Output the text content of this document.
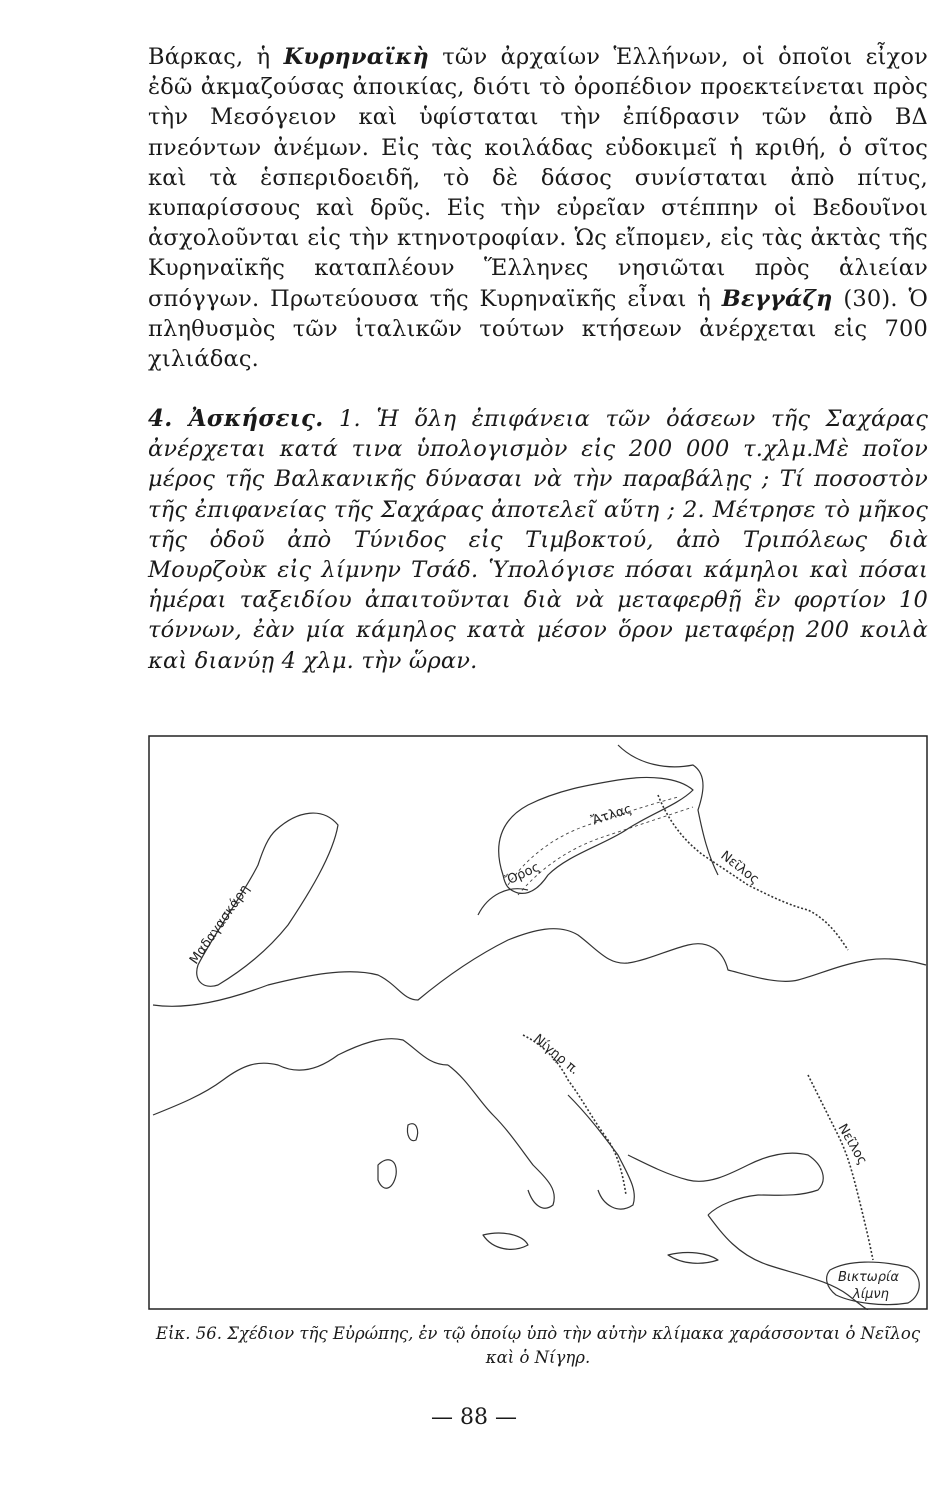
Βάρκας, ἡ Κυρηναϊκὴ τῶν ἀρχαίων Ἑλλήνων, οἱ ὁποῖοι εἶχον ἐδῶ ἀκμαζούσας ἀποικίας, διότι τὸ ὀροπέδιον προεκτείνεται πρὸς τὴν Μεσόγειον καὶ ὑφίσταται τὴν ἐπίδρασιν τῶν ἀπὸ ΒΔ πνεόντων ἀνέμων. Εἰς τὰς κοιλάδας εὐδοκιμεῖ ἡ κριθή, ὁ σῖτος καὶ τὰ ἑσπεριδοειδῆ, τὸ δὲ δάσος συνίσταται ἀπὸ πίτυς, κυπαρίσσους καὶ δρῦς. Εἰς τὴν εὐρεῖαν στέππην οἱ Βεδουῖνοι ἀσχολοῦνται εἰς τὴν κτηνοτροφίαν. Ὡς εἴπομεν, εἰς τὰς ἀκτὰς τῆς Κυρηναϊκῆς καταπλέουν Ἕλληνες νησιῶται πρὸς ἁλιείαν σπόγγων. Πρωτεύουσα τῆς Κυρηναϊκῆς εἶναι ἡ Βεγγάζη (30). Ὁ πληθυσμὸς τῶν ἰταλικῶν τούτων κτήσεων ἀνέρχεται εἰς 700 χιλιάδας.
4. Ἀσκήσεις. 1. Ἡ ὅλη ἐπιφάνεια τῶν ὀάσεων τῆς Σαχάρας ἀνέρχεται κατά τινα ὑπολογισμὸν εἰς 200 000 τ.χλμ.Μὲ ποῖον μέρος τῆς Βαλκανικῆς δύνασαι νὰ τὴν παραβάλῃς ; Τί ποσοστὸν τῆς ἐπιφανείας τῆς Σαχάρας ἀποτελεῖ αὕτη ; 2. Μέτρησε τὸ μῆκος τῆς ὁδοῦ ἀπὸ Τύνιδος εἰς Τιμβοκτού, ἀπὸ Τριπόλεως διὰ Μουρζοὺκ εἰς λίμνην Τσάδ. Ὑπολόγισε πόσαι κάμηλοι καὶ πόσαι ἡμέραι ταξειδίου ἀπαιτοῦνται διὰ νὰ μεταφερθῇ ἓν φορτίον 10 τόννων, ἐὰν μία κάμηλος κατὰ μέσον ὅρον μεταφέρῃ 200 κοιλὰ καὶ διανύῃ 4 χλμ. τὴν ὥραν.
Ἄτλας
Ὄρος
Μαδαγασκάρη
Νεῖλος
Νίγηρ π.
Νεῖλος
Βικτωρία
λίμνη
Εἰκ. 56. Σχέδιον τῆς Εὐρώπης, ἐν τῷ ὁποίῳ ὑπὸ τὴν αὐτὴν κλίμακα χαράσσονται ὁ Νεῖλος καὶ ὁ Νίγηρ.
— 88 —
